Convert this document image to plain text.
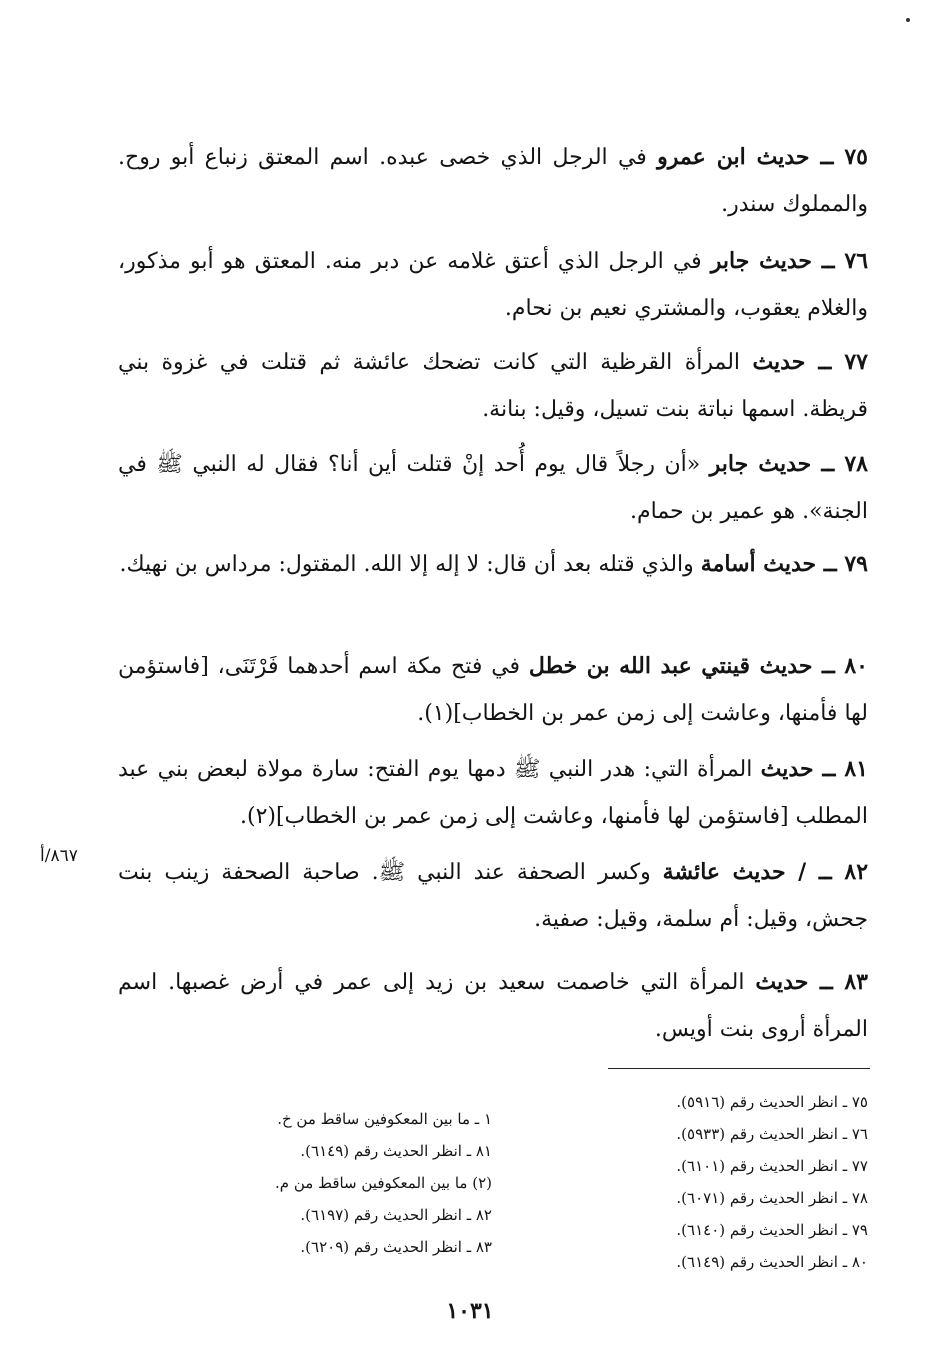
٧٥ ــ حديث ابن عمرو في الرجل الذي خصى عبده. اسم المعتق زنباع أبو روح. والمملوك سندر.
٧٦ ــ حديث جابر في الرجل الذي أعتق غلامه عن دبر منه. المعتق هو أبو مذكور، والغلام يعقوب، والمشتري نعيم بن نحام.
٧٧ ــ حديث المرأة القرظية التي كانت تضحك عائشة ثم قتلت في غزوة بني قريظة. اسمها نباتة بنت تسيل، وقيل: بنانة.
٧٨ ــ حديث جابر «أن رجلاً قال يوم أُحد إنْ قتلت أين أنا؟ فقال له النبي ﷺ في الجنة». هو عمير بن حمام.
٧٩ ــ حديث أسامة والذي قتله بعد أن قال: لا إله إلا الله. المقتول: مرداس بن نهيك.
٨٠ ــ حديث قينتي عبد الله بن خطل في فتح مكة اسم أحدهما فَرْتَنَى، [فاستؤمن لها فأمنها، وعاشت إلى زمن عمر بن الخطاب](١).
٨١ ــ حديث المرأة التي: هدر النبي ﷺ دمها يوم الفتح: سارة مولاة لبعض بني عبد المطلب [فاستؤمن لها فأمنها، وعاشت إلى زمن عمر بن الخطاب](٢).
٨٢ ــ / حديث عائشة وكسر الصحفة عند النبي ﷺ. صاحبة الصحفة زينب بنت جحش، وقيل: أم سلمة، وقيل: صفية.
٨٦٧/أ
٨٣ ــ حديث المرأة التي خاصمت سعيد بن زيد إلى عمر في أرض غصبها. اسم المرأة أروى بنت أويس.
٧٥ ـ انظر الحديث رقم (٥٩١٦).
٧٦ ـ انظر الحديث رقم (٥٩٣٣).
٧٧ ـ انظر الحديث رقم (٦١٠١).
٧٨ ـ انظر الحديث رقم (٦٠٧١).
٧٩ ـ انظر الحديث رقم (٦١٤٠).
٨٠ ـ انظر الحديث رقم (٦١٤٩).
١ ـ ما بين المعكوفين ساقط من خ.
٨١ ـ انظر الحديث رقم (٦١٤٩).
(٢) ما بين المعكوفين ساقط من م.
٨٢ ـ انظر الحديث رقم (٦١٩٧).
٨٣ ـ انظر الحديث رقم (٦٢٠٩).
١٠٣١
